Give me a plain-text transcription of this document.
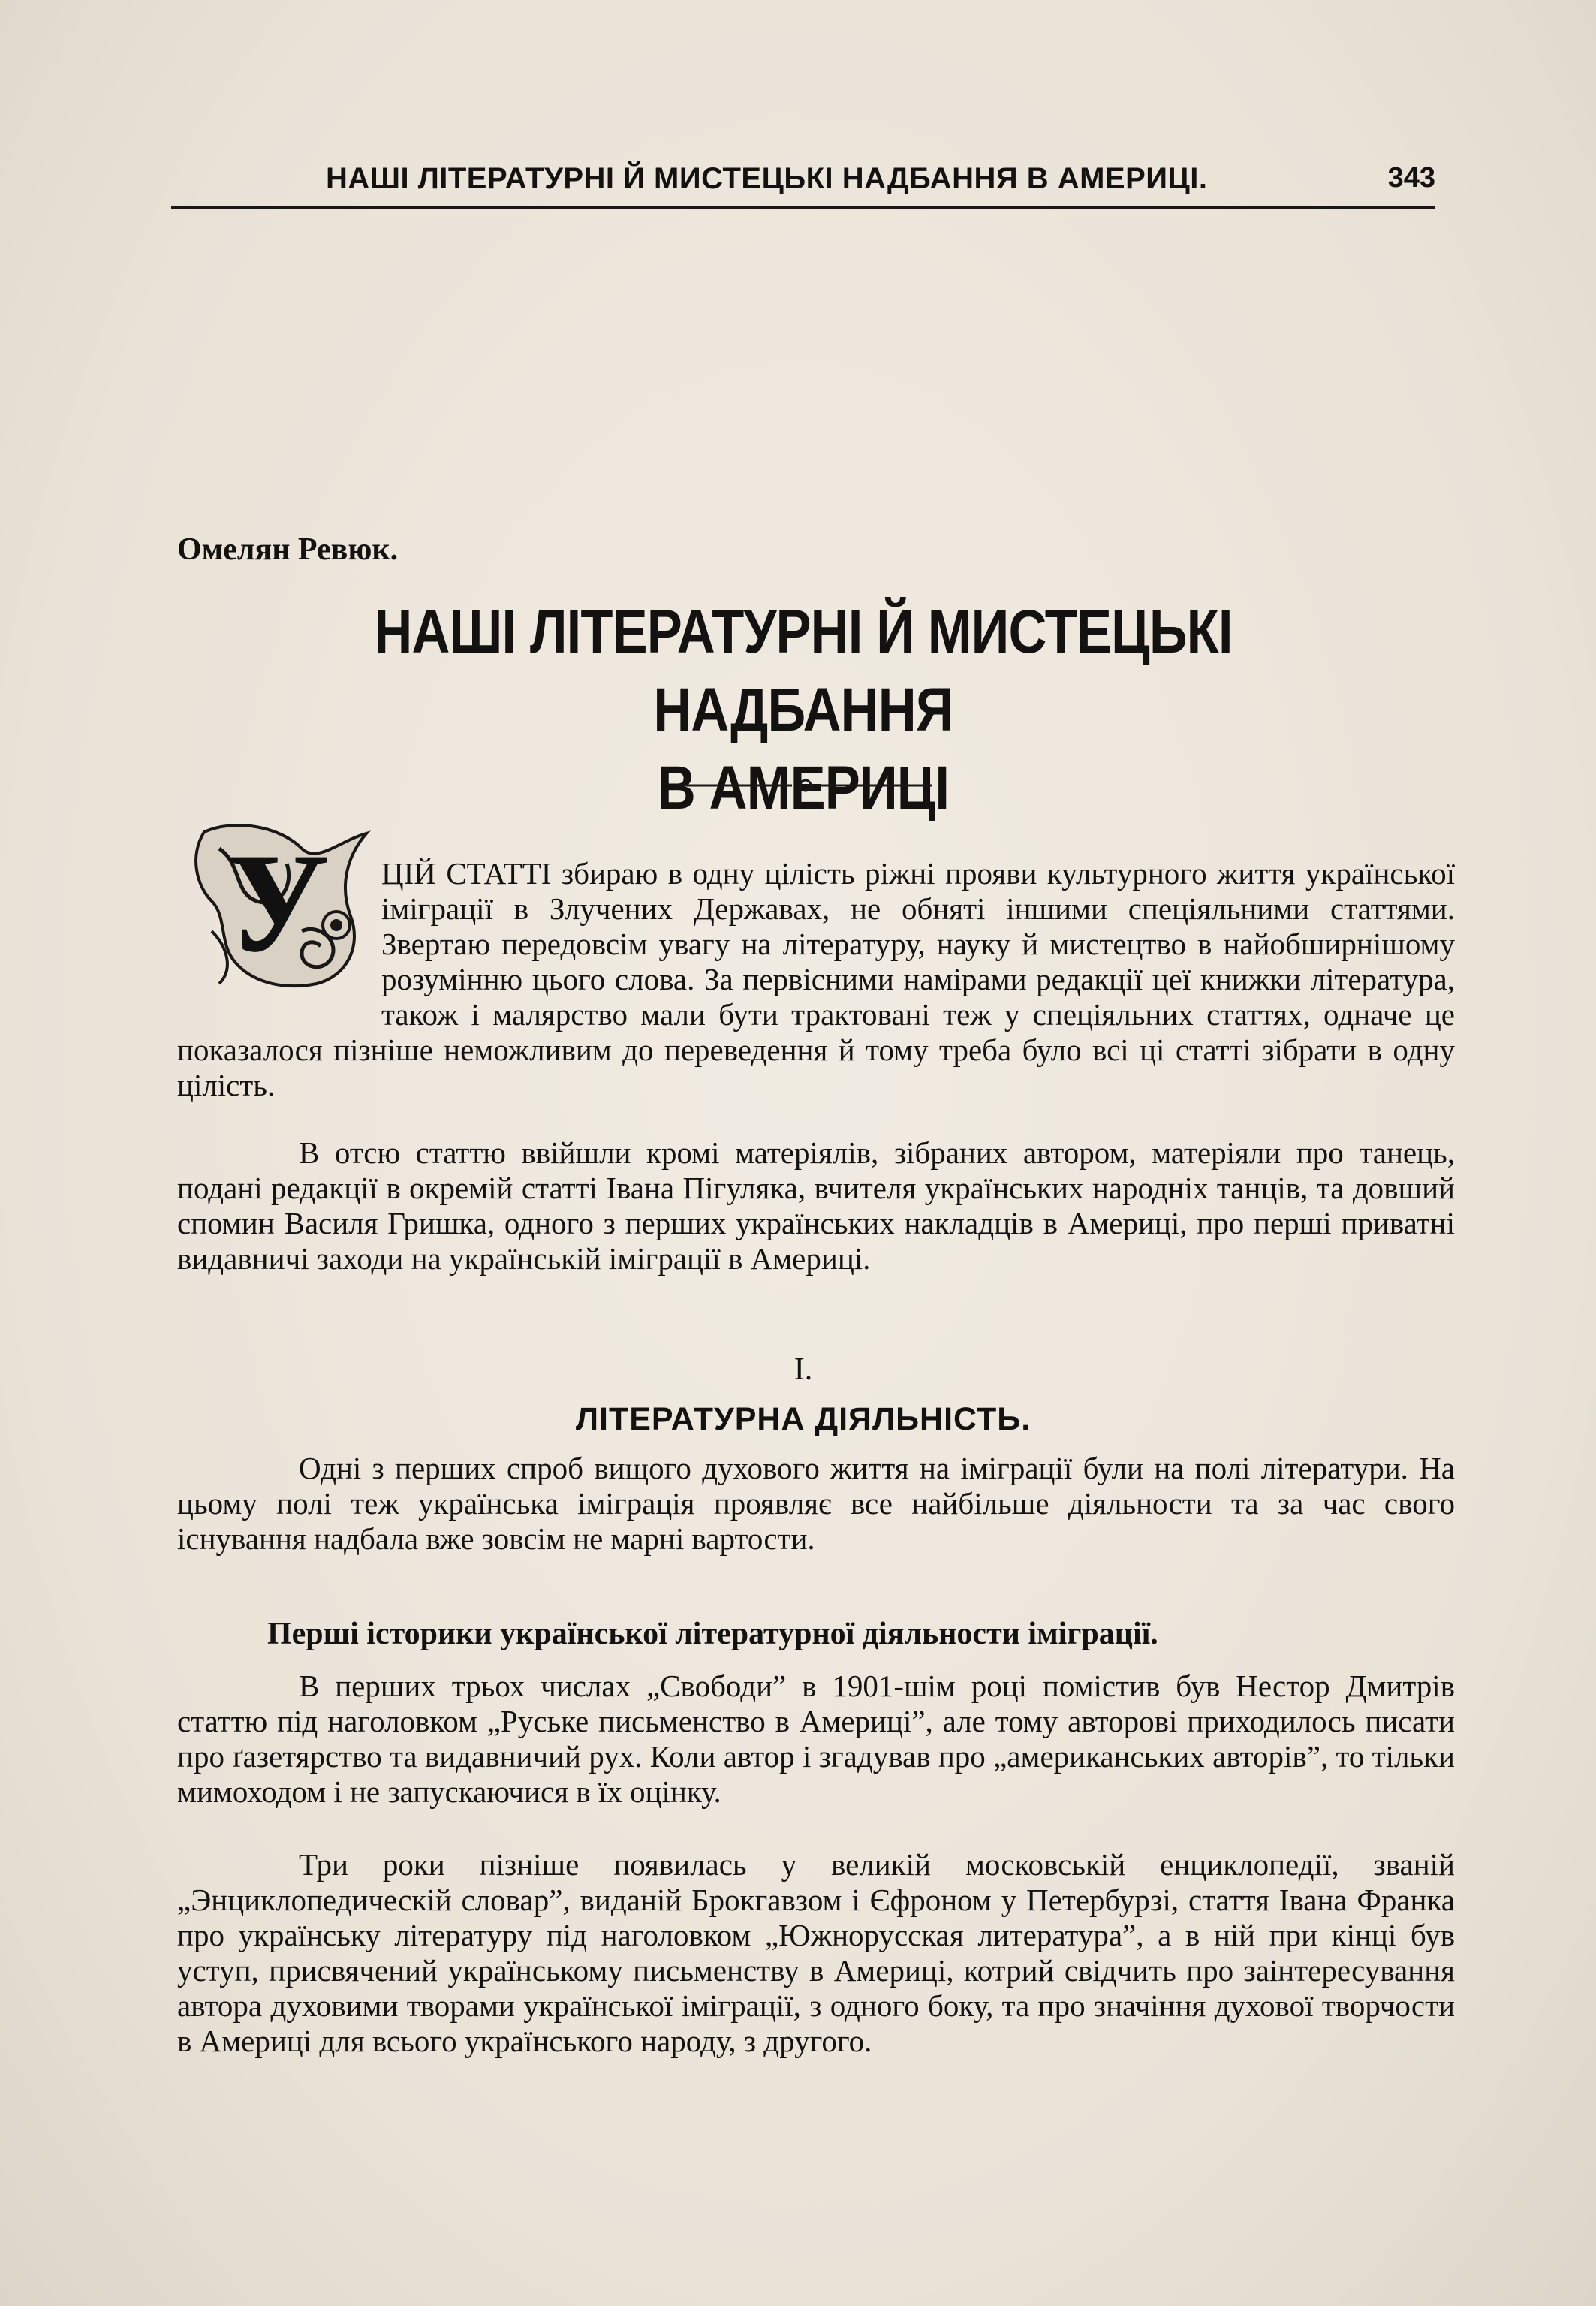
НАШІ ЛІТЕРАТУРНІ Й МИСТЕЦЬКІ НАДБАННЯ В АМЕРИЦІ.	343
Омелян Ревюк.
НАШІ ЛІТЕРАТУРНІ Й МИСТЕЦЬКІ НАДБАННЯ
В АМЕРИЦІ
У	ЦІЙ СТАТТІ збираю в одну цілість ріжні прояви культурного життя української іміграції в Злучених Державах, не обняті іншими спеціяльними статтями. Звертаю передовсім увагу на літературу, науку й мистецтво в найобширнішому розумінню цього слова. За первісними намірами редакції цеї книжки література, також і малярство мали бути трактовані теж у спеціяльних статтях, одначе це показалося пізніше неможливим до переведення й тому треба було всі ці статті зібрати в одну цілість.

В отсю статтю ввійшли кромі матеріялів, зібраних автором, матеріяли про танець, подані редакції в окремій статті Івана Пігуляка, вчителя українських народніх танців, та довший спомин Василя Гришка, одного з перших українських накладців в Америці, про перші приватні видавничі заходи на українській іміграції в Америці.

I.
ЛІТЕРАТУРНА ДІЯЛЬНІСТЬ.

Одні з перших спроб вищого духового життя на іміграції були на полі літератури. На цьому полі теж українська іміграція проявляє все найбільше діяльности та за час свого існування надбала вже зовсім не марні вартости.

Перші історики української літературної діяльности іміграції.

В перших трьох числах „Свободи” в 1901-шім році помістив був Нестор Дмитрів статтю під наголовком „Руське письменство в Америці”, але тому авторові приходилось писати про ґазетярство та видавничий рух. Коли автор і згадував про „американських авторів”, то тільки мимоходом і не запускаючися в їх оцінку.

Три роки пізніше появилась у великій московській енциклопедії, званій „Энциклопедическій словар”, виданій Брокгавзом і Єфроном у Петербурзі, стаття Івана Франка про українську літературу під наголовком „Южнорусская литература”, а в ній при кінці був уступ, присвячений українському письменству в Америці, котрий свідчить про заінтересування автора духовими творами української іміграції, з одного боку, та про значіння духової творчости в Америці для всього українського народу, з другого.
